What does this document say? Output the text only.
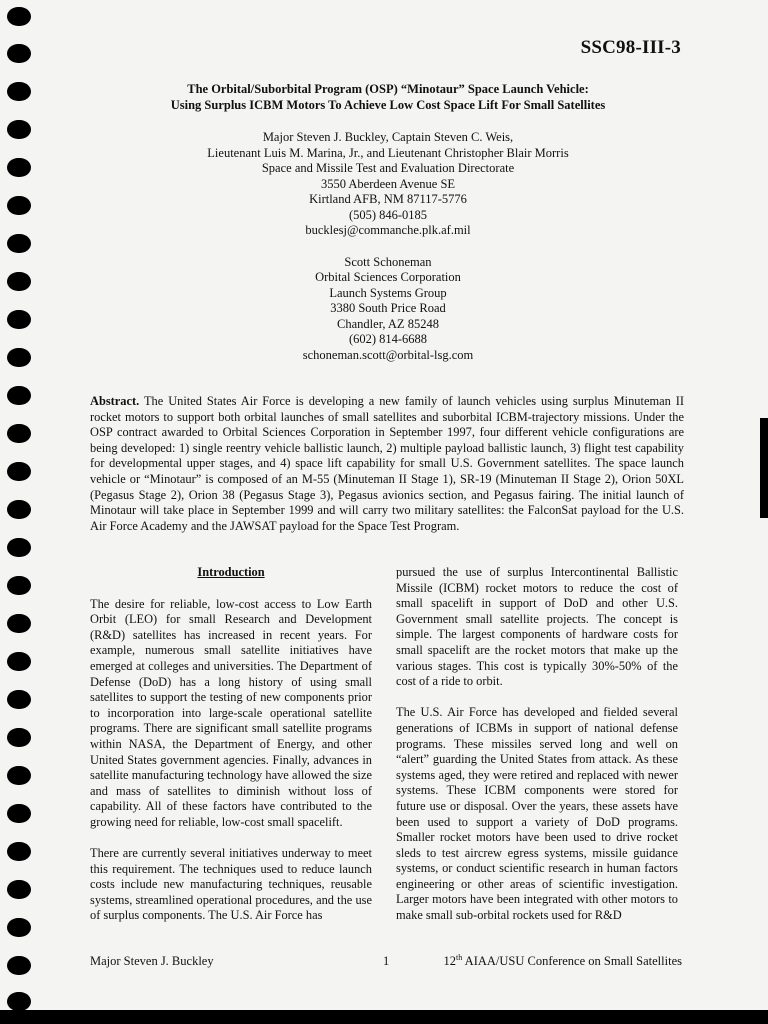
SSC98-III-3
The Orbital/Suborbital Program (OSP) “Minotaur” Space Launch Vehicle:
Using Surplus ICBM Motors To Achieve Low Cost Space Lift For Small Satellites
Major Steven J. Buckley, Captain Steven C. Weis,
Lieutenant Luis M. Marina, Jr., and Lieutenant Christopher Blair Morris
Space and Missile Test and Evaluation Directorate
3550 Aberdeen Avenue SE
Kirtland AFB, NM 87117-5776
(505) 846-0185
bucklesj@commanche.plk.af.mil
Scott Schoneman
Orbital Sciences Corporation
Launch Systems Group
3380 South Price Road
Chandler, AZ 85248
(602) 814-6688
schoneman.scott@orbital-lsg.com
Abstract. The United States Air Force is developing a new family of launch vehicles using surplus Minuteman II rocket motors to support both orbital launches of small satellites and suborbital ICBM-trajectory missions. Under the OSP contract awarded to Orbital Sciences Corporation in September 1997, four different vehicle configurations are being developed: 1) single reentry vehicle ballistic launch, 2) multiple payload ballistic launch, 3) flight test capability for developmental upper stages, and 4) space lift capability for small U.S. Government satellites. The space launch vehicle or “Minotaur” is composed of an M-55 (Minuteman II Stage 1), SR-19 (Minuteman II Stage 2), Orion 50XL (Pegasus Stage 2), Orion 38 (Pegasus Stage 3), Pegasus avionics section, and Pegasus fairing. The initial launch of Minotaur will take place in September 1999 and will carry two military satellites: the FalconSat payload for the U.S. Air Force Academy and the JAWSAT payload for the Space Test Program.
Introduction

The desire for reliable, low-cost access to Low Earth Orbit (LEO) for small Research and Development (R&D) satellites has increased in recent years. For example, numerous small satellite initiatives have emerged at colleges and universities. The Department of Defense (DoD) has a long history of using small satellites to support the testing of new components prior to incorporation into large-scale operational satellite programs. There are significant small satellite programs within NASA, the Department of Energy, and other United States government agencies. Finally, advances in satellite manufacturing technology have allowed the size and mass of satellites to diminish without loss of capability. All of these factors have contributed to the growing need for reliable, low-cost small spacelift.

There are currently several initiatives underway to meet this requirement. The techniques used to reduce launch costs include new manufacturing techniques, reusable systems, streamlined operational procedures, and the use of surplus components. The U.S. Air Force has

pursued the use of surplus Intercontinental Ballistic Missile (ICBM) rocket motors to reduce the cost of small spacelift in support of DoD and other U.S. Government small satellite projects. The concept is simple. The largest components of hardware costs for small spacelift are the rocket motors that make up the various stages. This cost is typically 30%-50% of the cost of a ride to orbit.

The U.S. Air Force has developed and fielded several generations of ICBMs in support of national defense programs. These missiles served long and well on “alert” guarding the United States from attack. As these systems aged, they were retired and replaced with newer systems. These ICBM components were stored for future use or disposal. Over the years, these assets have been used to support a variety of DoD programs. Smaller rocket motors have been used to drive rocket sleds to test aircrew egress systems, missile guidance systems, or conduct scientific research in human factors engineering or other areas of scientific investigation. Larger motors have been integrated with other motors to make small sub-orbital rockets used for R&D

Major Steven J. Buckley	1	12th AIAA/USU Conference on Small Satellites
